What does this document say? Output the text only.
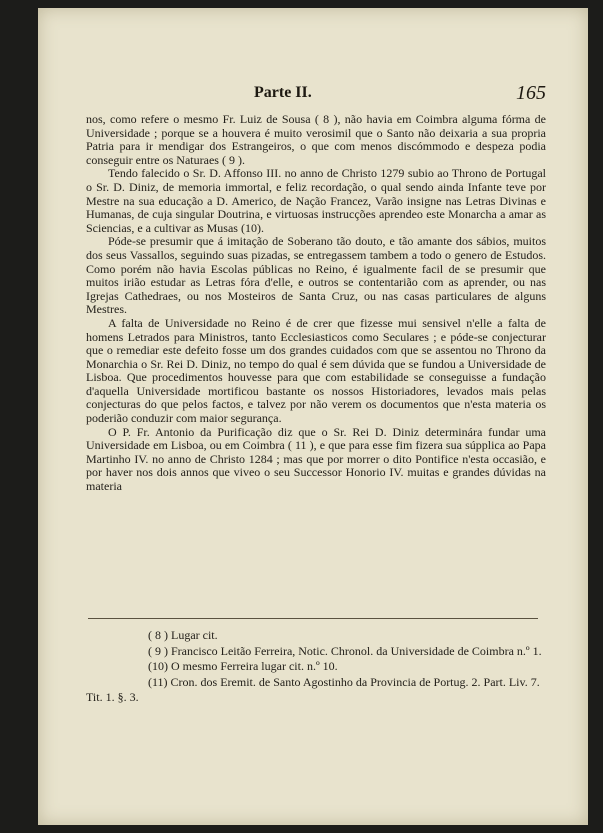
Parte II.	165

nos, como refere o mesmo Fr. Luiz de Sousa ( 8 ), não havia em Coimbra alguma fórma de Universidade ; porque se a houvera é muito verosimil que o Santo não deixaria a sua propria Patria para ir mendigar dos Estrangeiros, o que com menos discómmodo e despeza podia conseguir entre os Naturaes ( 9 ).

Tendo falecido o Sr. D. Affonso III. no anno de Christo 1279 subio ao Throno de Portugal o Sr. D. Diniz, de memoria immortal, e feliz recordação, o qual sendo ainda Infante teve por Mestre na sua educação a D. Americo, de Nação Francez, Varão insigne nas Letras Divinas e Humanas, de cuja singular Doutrina, e virtuosas instrucções aprendeo este Monarcha a amar as Sciencias, e a cultivar as Musas (10).

Póde-se presumir que á imitação de Soberano tão douto, e tão amante dos sábios, muitos dos seus Vassallos, seguindo suas pizadas, se entregassem tambem a todo o genero de Estudos. Como porém não havia Escolas públicas no Reino, é igualmente facil de se presumir que muitos irião estudar as Letras fóra d'elle, e outros se contentarião com as aprender, ou nas Igrejas Cathedraes, ou nos Mosteiros de Santa Cruz, ou nas casas particulares de alguns Mestres.

A falta de Universidade no Reino é de crer que fizesse mui sensivel n'elle a falta de homens Letrados para Ministros, tanto Ecclesiasticos como Seculares ; e póde-se conjecturar que o remediar este defeito fosse um dos grandes cuidados com que se assentou no Throno da Monarchia o Sr. Rei D. Diniz, no tempo do qual é sem dúvida que se fundou a Universidade de Lisboa. Que procedimentos houvesse para que com estabilidade se conseguisse a fundação d'aquella Universidade mortificou bastante os nossos Historiadores, levados mais pelas conjecturas do que pelos factos, e talvez por não verem os documentos que n'esta materia os poderião conduzir com maior segurança.

O P. Fr. Antonio da Purificação diz que o Sr. Rei D. Diniz determinára fundar uma Universidade em Lisboa, ou em Coimbra ( 11 ), e que para esse fim fizera sua súpplica ao Papa Martinho IV. no anno de Christo 1284 ; mas que por morrer o dito Pontifice n'esta occasião, e por haver nos dois annos que viveo o seu Successor Honorio IV. muitas e grandes dúvidas na materia

( 8 ) Lugar cit.

( 9 ) Francisco Leitão Ferreira, Notic. Chronol. da Universidade de Coimbra n.º 1.

(10) O mesmo Ferreira lugar cit. n.º 10.

(11) Cron. dos Eremit. de Santo Agostinho da Provincia de Portug. 2. Part. Liv. 7. Tit. 1. §. 3.
